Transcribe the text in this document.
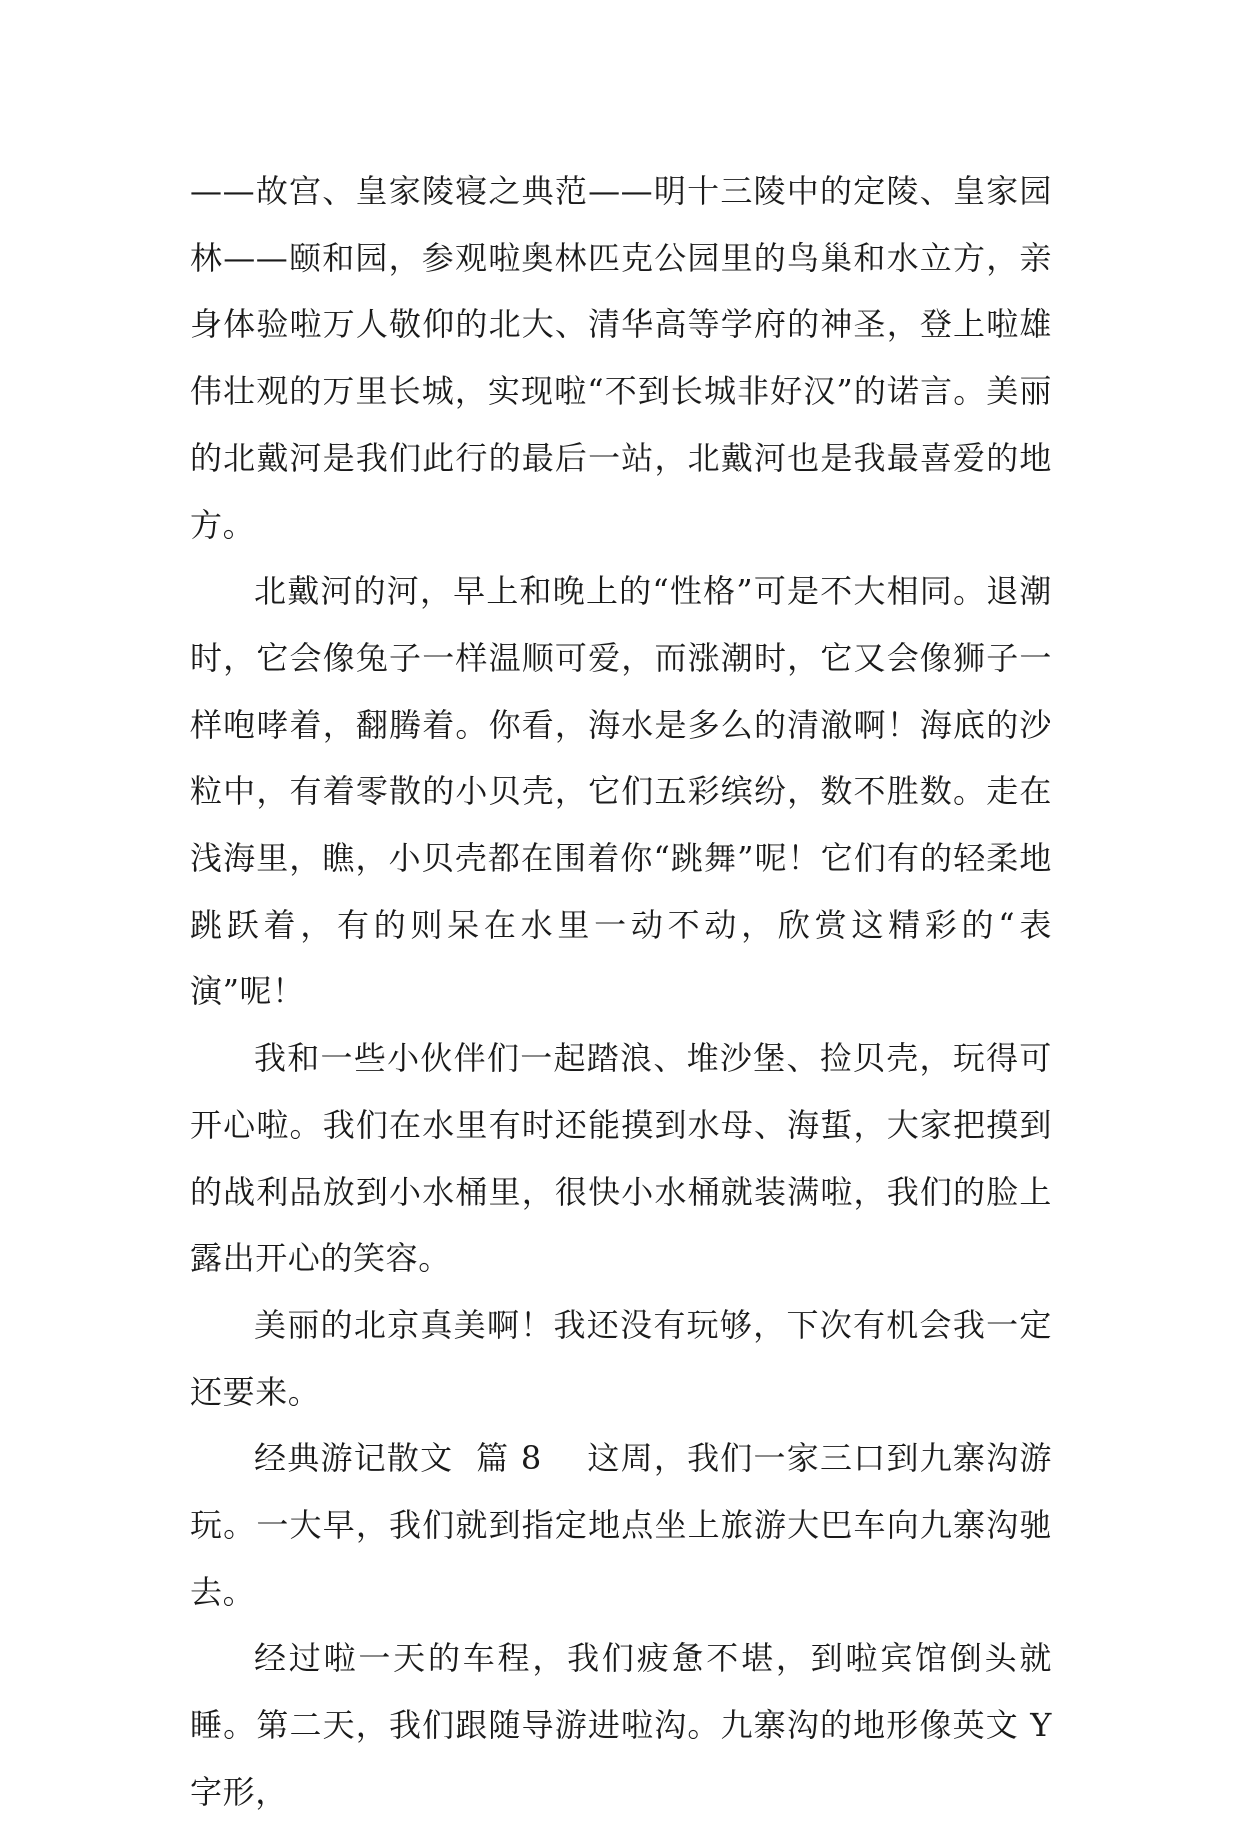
——故宫、皇家陵寝之典范——明十三陵中的定陵、皇家园林——颐和园，参观啦奥林匹克公园里的鸟巢和水立方，亲身体验啦万人敬仰的北大、清华高等学府的神圣，登上啦雄伟壮观的万里长城，实现啦“不到长城非好汉”的诺言。美丽的北戴河是我们此行的最后一站，北戴河也是我最喜爱的地方。

北戴河的河，早上和晚上的“性格”可是不大相同。退潮时，它会像兔子一样温顺可爱，而涨潮时，它又会像狮子一样咆哮着，翻腾着。你看，海水是多么的清澈啊！海底的沙粒中，有着零散的小贝壳，它们五彩缤纷，数不胜数。走在浅海里，瞧，小贝壳都在围着你“跳舞”呢！它们有的轻柔地跳跃着，有的则呆在水里一动不动，欣赏这精彩的“表演”呢！

我和一些小伙伴们一起踏浪、堆沙堡、捡贝壳，玩得可开心啦。我们在水里有时还能摸到水母、海蜇，大家把摸到的战利品放到小水桶里，很快小水桶就装满啦，我们的脸上露出开心的笑容。

美丽的北京真美啊！我还没有玩够，下次有机会我一定还要来。

经典游记散文  篇 8 这周，我们一家三口到九寨沟游玩。一大早，我们就到指定地点坐上旅游大巴车向九寨沟驰去。

经过啦一天的车程，我们疲惫不堪，到啦宾馆倒头就睡。第二天，我们跟随导游进啦沟。九寨沟的地形像英文 Y 字形，
